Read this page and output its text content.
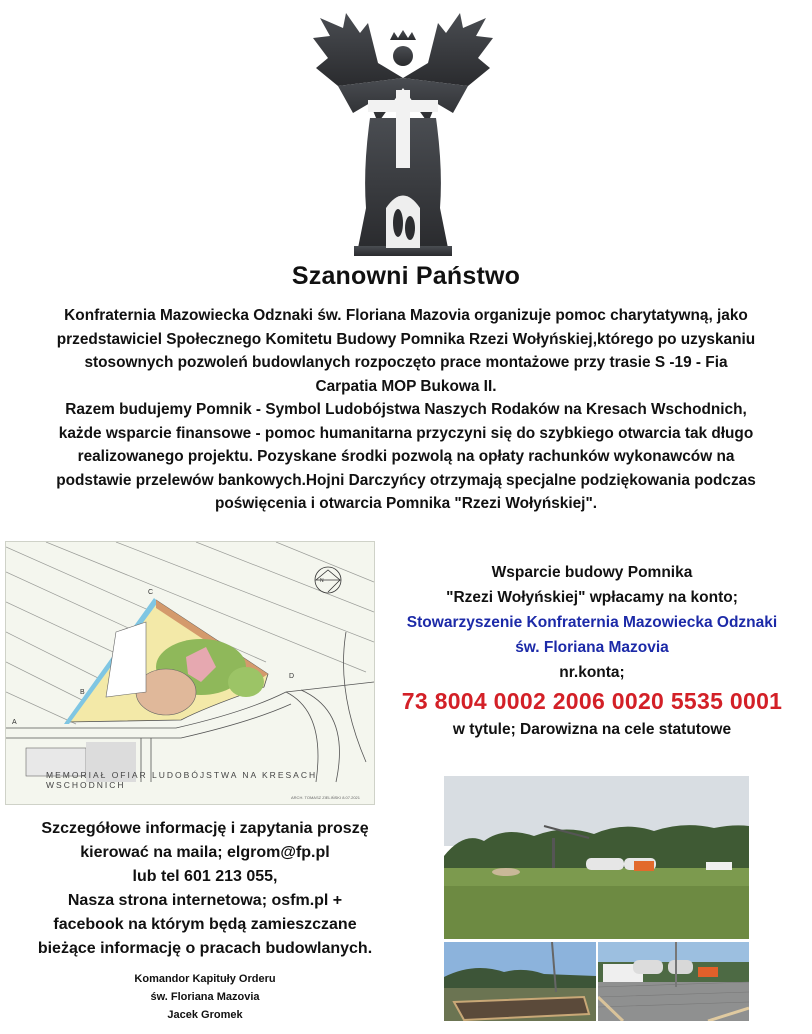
Szanowni Państwo
Konfraternia Mazowiecka Odznaki św. Floriana Mazovia organizuje pomoc charytatywną, jako
przedstawiciel Społecznego Komitetu Budowy Pomnika Rzezi Wołyńskiej,którego po uzyskaniu
stosownych pozwoleń budowlanych rozpoczęto prace montażowe przy trasie S -19 - Fia
Carpatia MOP Bukowa II.
Razem budujemy Pomnik - Symbol Ludobójstwa Naszych Rodaków na Kresach Wschodnich,
każde wsparcie finansowe - pomoc humanitarna przyczyni się do szybkiego otwarcia tak długo
realizowanego projektu. Pozyskane środki pozwolą na opłaty rachunków wykonawców na
podstawie przelewów bankowych.Hojni Darczyńcy otrzymają specjalne podziękowania podczas
poświęcenia i otwarcia Pomnika "Rzezi Wołyńskiej".
A
B
C
D
N
MEMORIAŁ OFIAR LUDOBÓJSTWA NA KRESACH WSCHODNICH
ARCH. TOMASZ ZIELIŃSKI 8.07.2021
Wsparcie budowy Pomnika
"Rzezi Wołyńskiej" wpłacamy na konto;
Stowarzyszenie Konfraternia Mazowiecka Odznaki
św. Floriana Mazovia
nr.konta;
73 8004 0002 2006 0020 5535 0001
w tytule; Darowizna na cele statutowe
Szczegółowe informację i zapytania proszę
kierować na maila; elgrom@fp.pl
lub tel 601 213 055,
Nasza strona internetowa; osfm.pl +
facebook na którym będą zamieszczane
bieżące informację o pracach budowlanych.
Komandor Kapituły Orderu
św. Floriana Mazovia
Jacek Gromek
